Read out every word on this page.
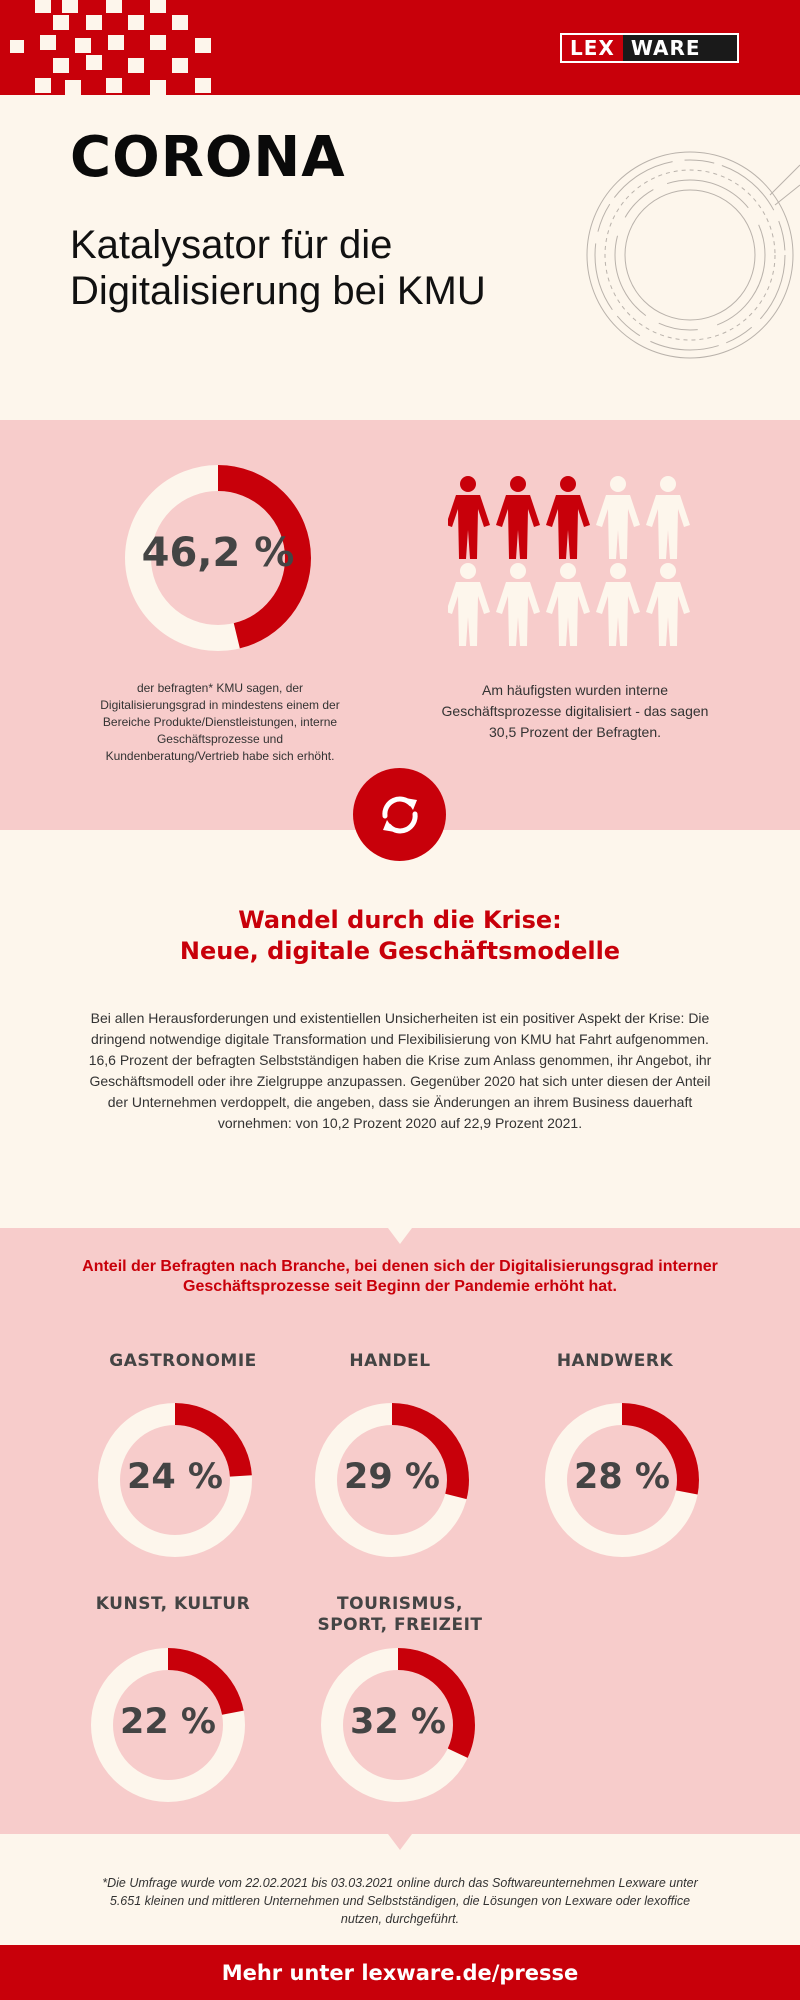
LEX WARE
CORONA
Katalysator für die Digitalisierung bei KMU
46,2 %
der befragten* KMU sagen, der Digitalisierungsgrad in mindestens einem der Bereiche Produkte/Dienstleistungen, interne Geschäftsprozesse und Kundenberatung/Vertrieb habe sich erhöht.
Am häufigsten wurden interne Geschäftsprozesse digitalisiert - das sagen 30,5 Prozent der Befragten.
Wandel durch die Krise:
Neue, digitale Geschäftsmodelle
Bei allen Herausforderungen und existentiellen Unsicherheiten ist ein positiver Aspekt der Krise: Die dringend notwendige digitale Transformation und Flexibilisierung von KMU hat Fahrt aufgenommen. 16,6 Prozent der befragten Selbstständigen haben die Krise zum Anlass genommen, ihr Angebot, ihr Geschäftsmodell oder ihre Zielgruppe anzupassen. Gegenüber 2020 hat sich unter diesen der Anteil der Unternehmen verdoppelt, die angeben, dass sie Änderungen an ihrem Business dauerhaft vornehmen: von 10,2 Prozent 2020 auf 22,9 Prozent 2021.
Anteil der Befragten nach Branche, bei denen sich der Digitalisierungsgrad interner Geschäftsprozesse seit Beginn der Pandemie erhöht hat.
GASTRONOMIE
24 %
HANDEL
29 %
HANDWERK
28 %
KUNST, KULTUR
22 %
TOURISMUS,
SPORT, FREIZEIT
32 %
*Die Umfrage wurde vom 22.02.2021 bis 03.03.2021 online durch das Softwareunternehmen Lexware unter 5.651 kleinen und mittleren Unternehmen und Selbstständigen, die Lösungen von Lexware oder lexoffice nutzen, durchgeführt.
Mehr unter lexware.de/presse
